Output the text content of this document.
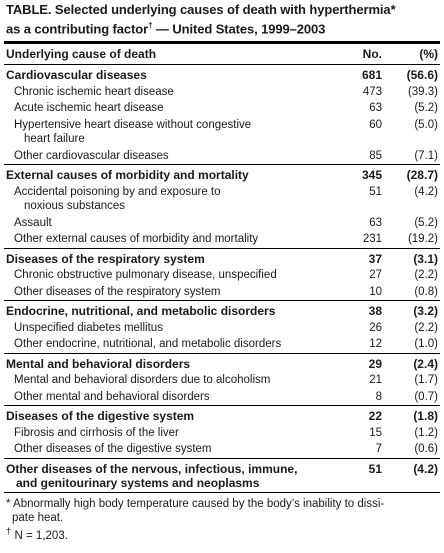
TABLE. Selected underlying causes of death with hyperthermia*
as a contributing factor† — United States, 1999–2003

Underlying cause of death	No.	(%)

Cardiovascular diseases	681	(56.6)

Chronic ischemic heart disease	473	(39.3)

Acute ischemic heart disease	63	(5.2)

Hypertensive heart disease without congestive
heart failure	60	(5.0)

Other cardiovascular diseases	85	(7.1)

External causes of morbidity and mortality	345	(28.7)

Accidental poisoning by and exposure to
noxious substances	51	(4.2)

Assault	63	(5.2)

Other external causes of morbidity and mortality	231	(19.2)

Diseases of the respiratory system	37	(3.1)

Chronic obstructive pulmonary disease, unspecified	27	(2.2)

Other diseases of the respiratory system	10	(0.8)

Endocrine, nutritional, and metabolic disorders	38	(3.2)

Unspecified diabetes mellitus	26	(2.2)

Other endocrine, nutritional, and metabolic disorders	12	(1.0)

Mental and behavioral disorders	29	(2.4)

Mental and behavioral disorders due to alcoholism	21	(1.7)

Other mental and behavioral disorders	8	(0.7)

Diseases of the digestive system	22	(1.8)

Fibrosis and cirrhosis of the liver	15	(1.2)

Other diseases of the digestive system	7	(0.6)

Other diseases of the nervous, infectious, immune,
and genitourinary systems and neoplasms	51	(4.2)

* Abnormally high body temperature caused by the body’s inability to dissi-
pate heat.
† N = 1,203.
